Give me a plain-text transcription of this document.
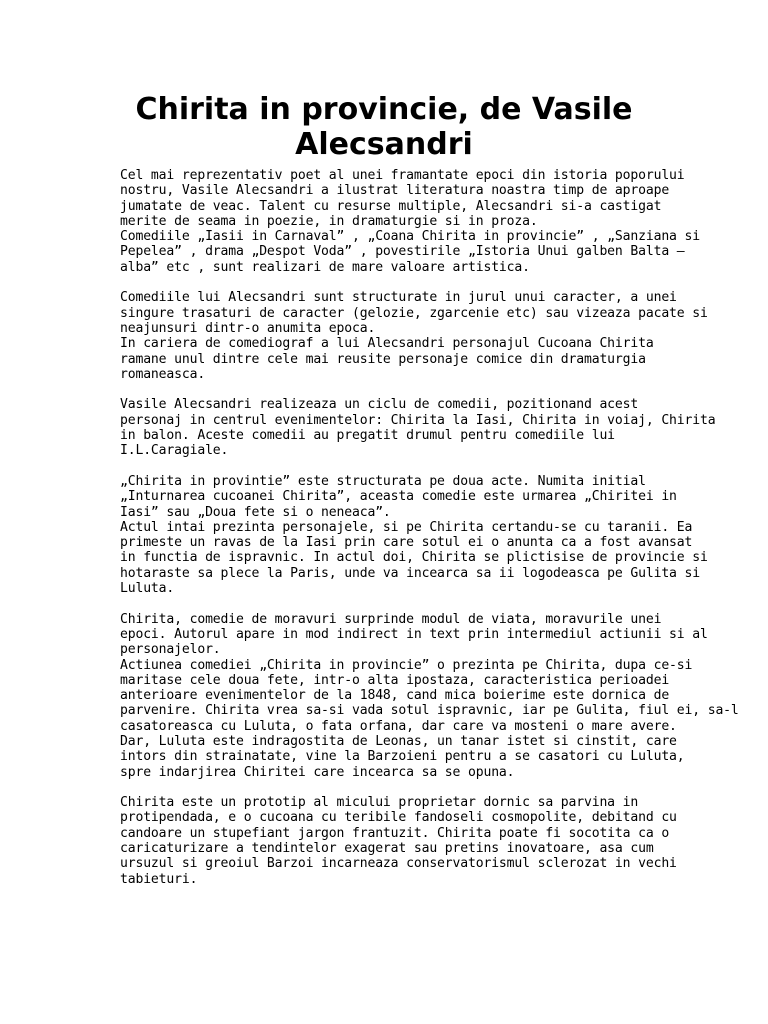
Chirita in provincie, de Vasile Alecsandri

Cel mai reprezentativ poet al unei framantate epoci din istoria poporului
nostru, Vasile Alecsandri a ilustrat literatura noastra timp de aproape
jumatate de veac. Talent cu resurse multiple, Alecsandri si-a castigat
merite de seama in poezie, in dramaturgie si in proza.
Comediile „Iasii in Carnaval” , „Coana Chirita in provincie” , „Sanziana si
Pepelea” , drama „Despot Voda” , povestirile „Istoria Unui galben Balta –
alba” etc , sunt realizari de mare valoare artistica.

Comediile lui Alecsandri sunt structurate in jurul unui caracter, a unei
singure trasaturi de caracter (gelozie, zgarcenie etc) sau vizeaza pacate si
neajunsuri dintr-o anumita epoca.
In cariera de comediograf a lui Alecsandri personajul Cucoana Chirita
ramane unul dintre cele mai reusite personaje comice din dramaturgia
romaneasca.

Vasile Alecsandri realizeaza un ciclu de comedii, pozitionand acest
personaj in centrul evenimentelor: Chirita la Iasi, Chirita in voiaj, Chirita
in balon. Aceste comedii au pregatit drumul pentru comediile lui
I.L.Caragiale.

„Chirita in provintie” este structurata pe doua acte. Numita initial
„Inturnarea cucoanei Chirita”, aceasta comedie este urmarea „Chiritei in
Iasi” sau „Doua fete si o neneaca”.
Actul intai prezinta personajele, si pe Chirita certandu-se cu taranii. Ea
primeste un ravas de la Iasi prin care sotul ei o anunta ca a fost avansat
in functia de ispravnic. In actul doi, Chirita se plictisise de provincie si
hotaraste sa plece la Paris, unde va incearca sa ii logodeasca pe Gulita si
Luluta.

Chirita, comedie de moravuri surprinde modul de viata, moravurile unei
epoci. Autorul apare in mod indirect in text prin intermediul actiunii si al
personajelor.
Actiunea comediei „Chirita in provincie” o prezinta pe Chirita, dupa ce-si
maritase cele doua fete, intr-o alta ipostaza, caracteristica perioadei
anterioare evenimentelor de la 1848, cand mica boierime este dornica de
parvenire. Chirita vrea sa-si vada sotul ispravnic, iar pe Gulita, fiul ei, sa-l
casatoreasca cu Luluta, o fata orfana, dar care va mosteni o mare avere.
Dar, Luluta este indragostita de Leonas, un tanar istet si cinstit, care
intors din strainatate, vine la Barzoieni pentru a se casatori cu Luluta,
spre indarjirea Chiritei care incearca sa se opuna.

Chirita este un prototip al micului proprietar dornic sa parvina in
protipendada, e o cucoana cu teribile fandoseli cosmopolite, debitand cu
candoare un stupefiant jargon frantuzit. Chirita poate fi socotita ca o
caricaturizare a tendintelor exagerat sau pretins inovatoare, asa cum
ursuzul si greoiul Barzoi incarneaza conservatorismul sclerozat in vechi
tabieturi.
